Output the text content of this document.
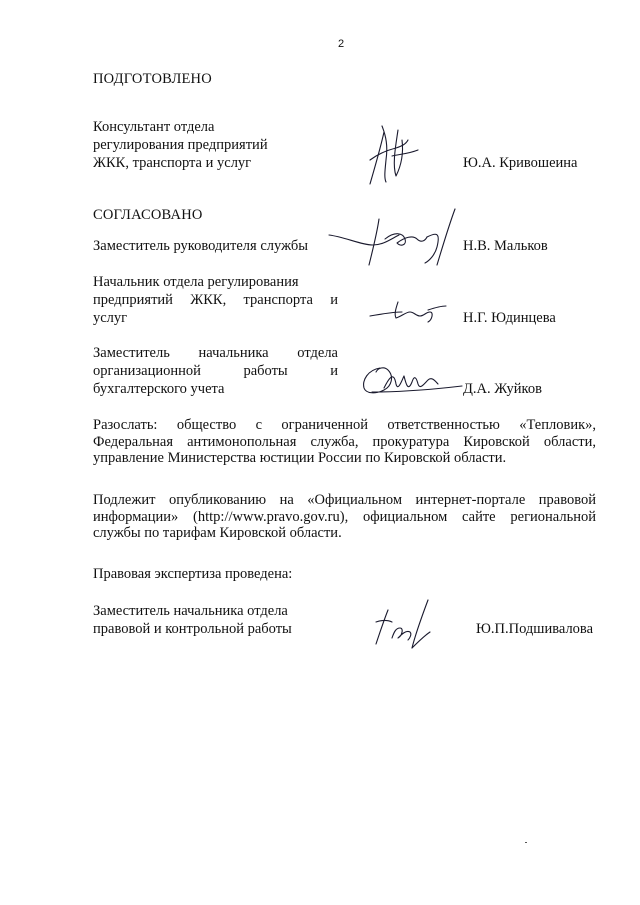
2
ПОДГОТОВЛЕНО
Консультант отдела
регулирования предприятий
ЖКК, транспорта и услуг	Ю.А. Кривошеина
СОГЛАСОВАНО
Заместитель руководителя службы	Н.В. Мальков
Начальник отдела регулирования
предприятий ЖКК, транспорта и
услуг	Н.Г. Юдинцева
Заместитель начальника отдела
организационной работы и
бухгалтерского учета	Д.А. Жуйков
Разослать: общество с ограниченной ответственностью «Тепловик»,
Федеральная антимонопольная служба, прокуратура Кировской области,
управление Министерства юстиции России по Кировской области.
Подлежит опубликованию на «Официальном интернет-портале правовой
информации» (http://www.pravo.gov.ru), официальном сайте региональной
службы по тарифам Кировской области.
Правовая экспертиза проведена:
Заместитель начальника отдела
правовой и контрольной работы	Ю.П.Подшивалова
